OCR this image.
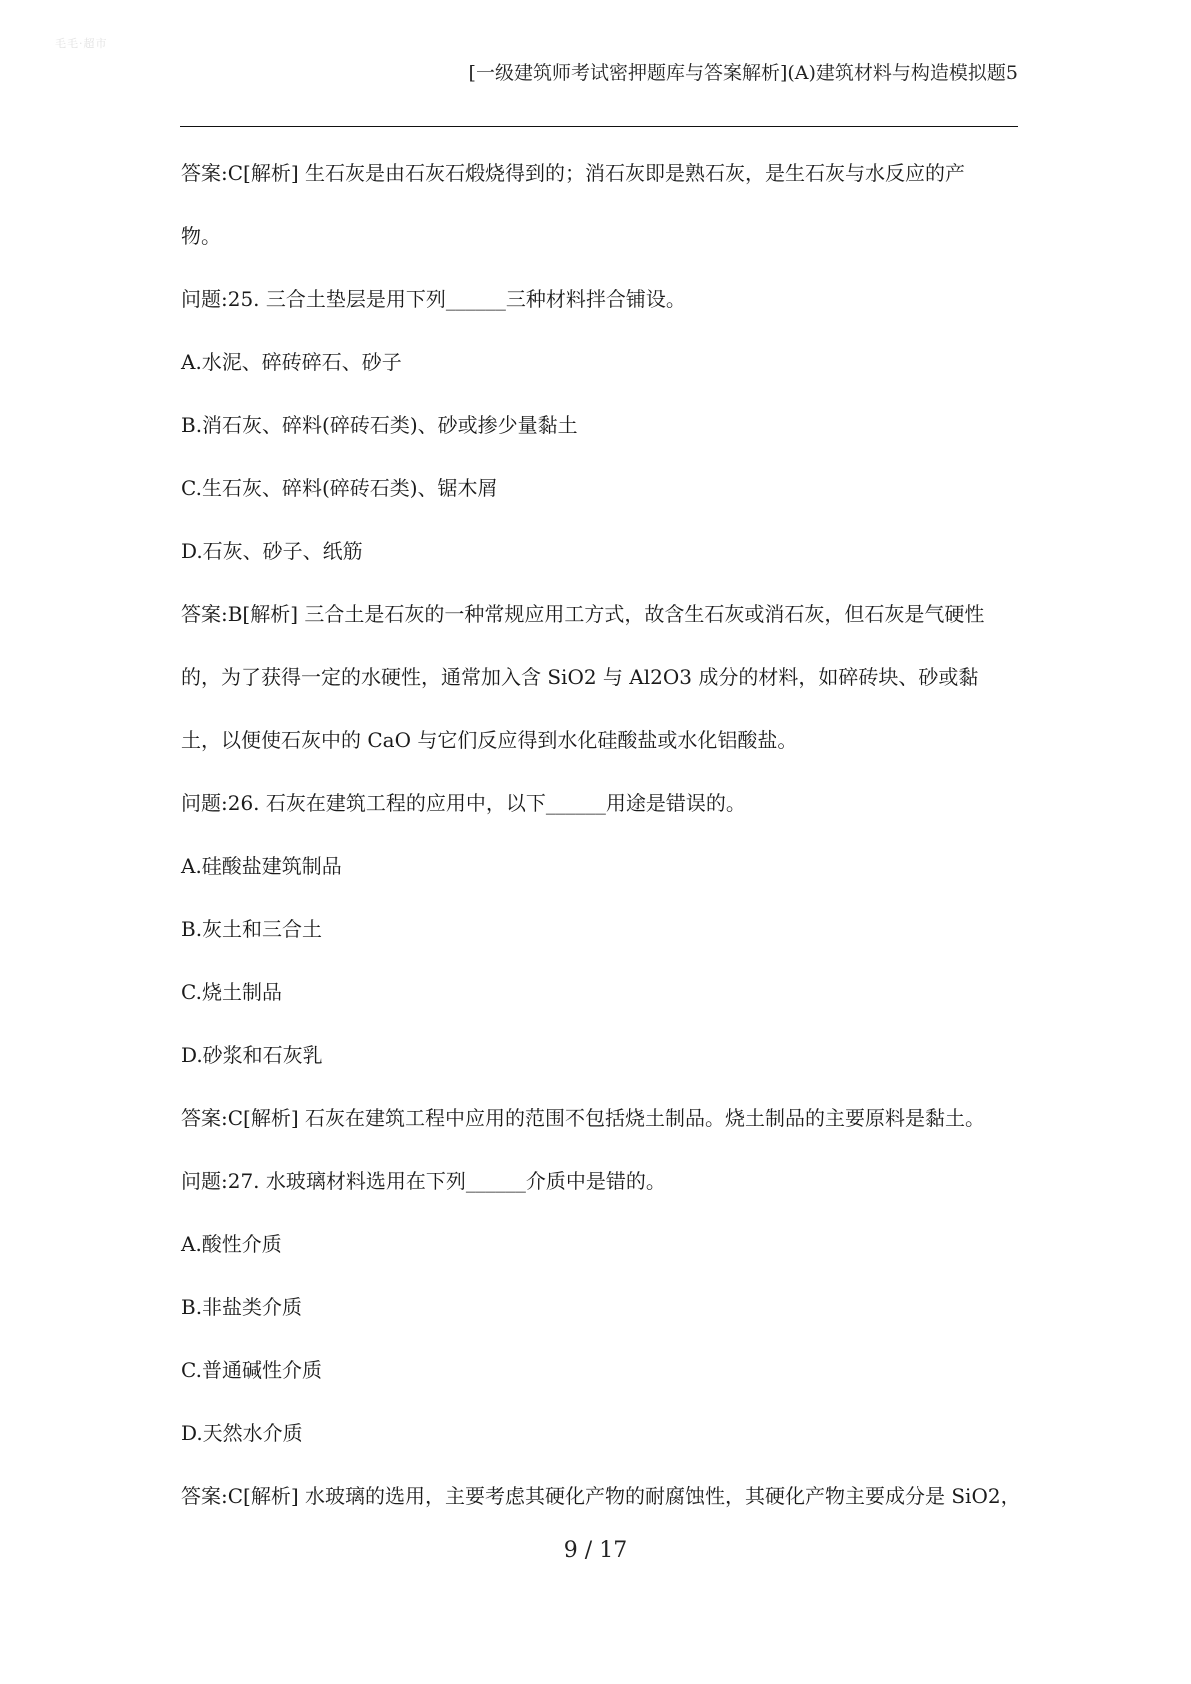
毛毛·超市
[一级建筑师考试密押题库与答案解析](A)建筑材料与构造模拟题5
答案:C[解析] 生石灰是由石灰石煅烧得到的；消石灰即是熟石灰，是生石灰与水反应的产
物。
问题:25. 三合土垫层是用下列______三种材料拌合铺设。
A.水泥、碎砖碎石、砂子
B.消石灰、碎料(碎砖石类)、砂或掺少量黏土
C.生石灰、碎料(碎砖石类)、锯木屑
D.石灰、砂子、纸筋
答案:B[解析] 三合土是石灰的一种常规应用工方式，故含生石灰或消石灰，但石灰是气硬性
的，为了获得一定的水硬性，通常加入含 SiO2 与 Al2O3 成分的材料，如碎砖块、砂或黏
土，以便使石灰中的 CaO 与它们反应得到水化硅酸盐或水化铝酸盐。
问题:26. 石灰在建筑工程的应用中，以下______用途是错误的。
A.硅酸盐建筑制品
B.灰土和三合土
C.烧土制品
D.砂浆和石灰乳
答案:C[解析] 石灰在建筑工程中应用的范围不包括烧土制品。烧土制品的主要原料是黏土。
问题:27. 水玻璃材料选用在下列______介质中是错的。
A.酸性介质
B.非盐类介质
C.普通碱性介质
D.天然水介质
答案:C[解析] 水玻璃的选用，主要考虑其硬化产物的耐腐蚀性，其硬化产物主要成分是 SiO2，
9 / 17
